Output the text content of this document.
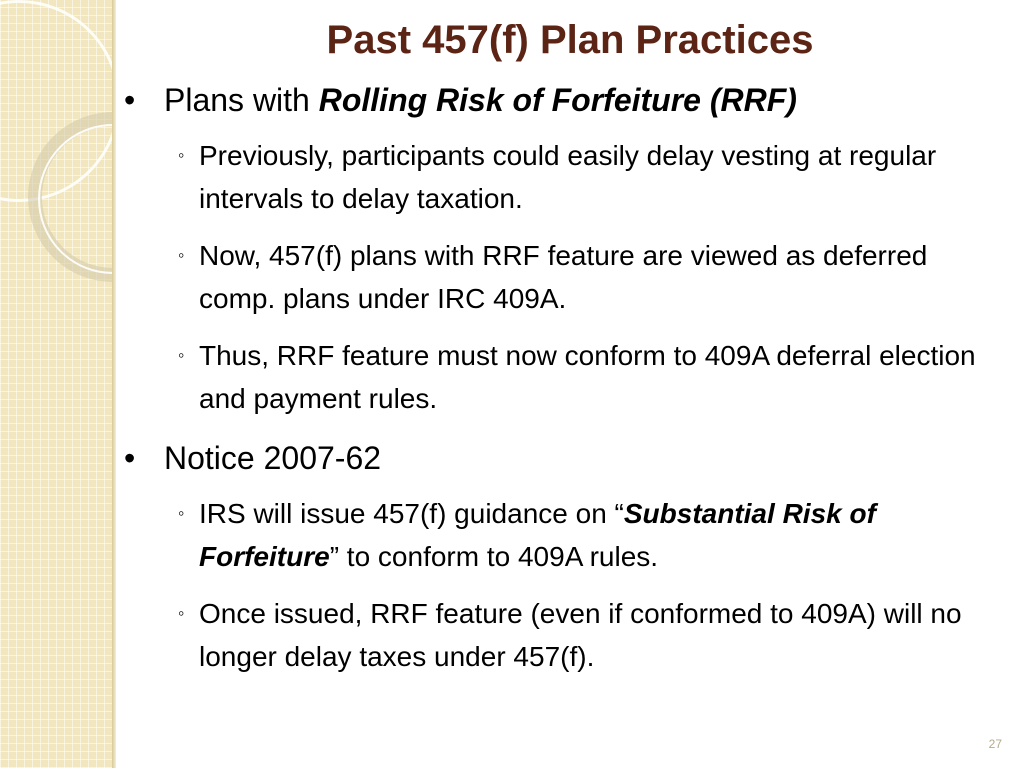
Past 457(f) Plan Practices
• Plans with Rolling Risk of Forfeiture (RRF)
◦ Previously, participants could easily delay vesting at regular intervals to delay taxation.
◦ Now, 457(f) plans with RRF feature are viewed as deferred comp. plans under IRC 409A.
◦ Thus, RRF feature must now conform to 409A deferral election and payment rules.
• Notice 2007-62
◦ IRS will issue 457(f) guidance on “Substantial Risk of Forfeiture” to conform to 409A rules.
◦ Once issued, RRF feature (even if conformed to 409A) will no longer delay taxes under 457(f).
27
